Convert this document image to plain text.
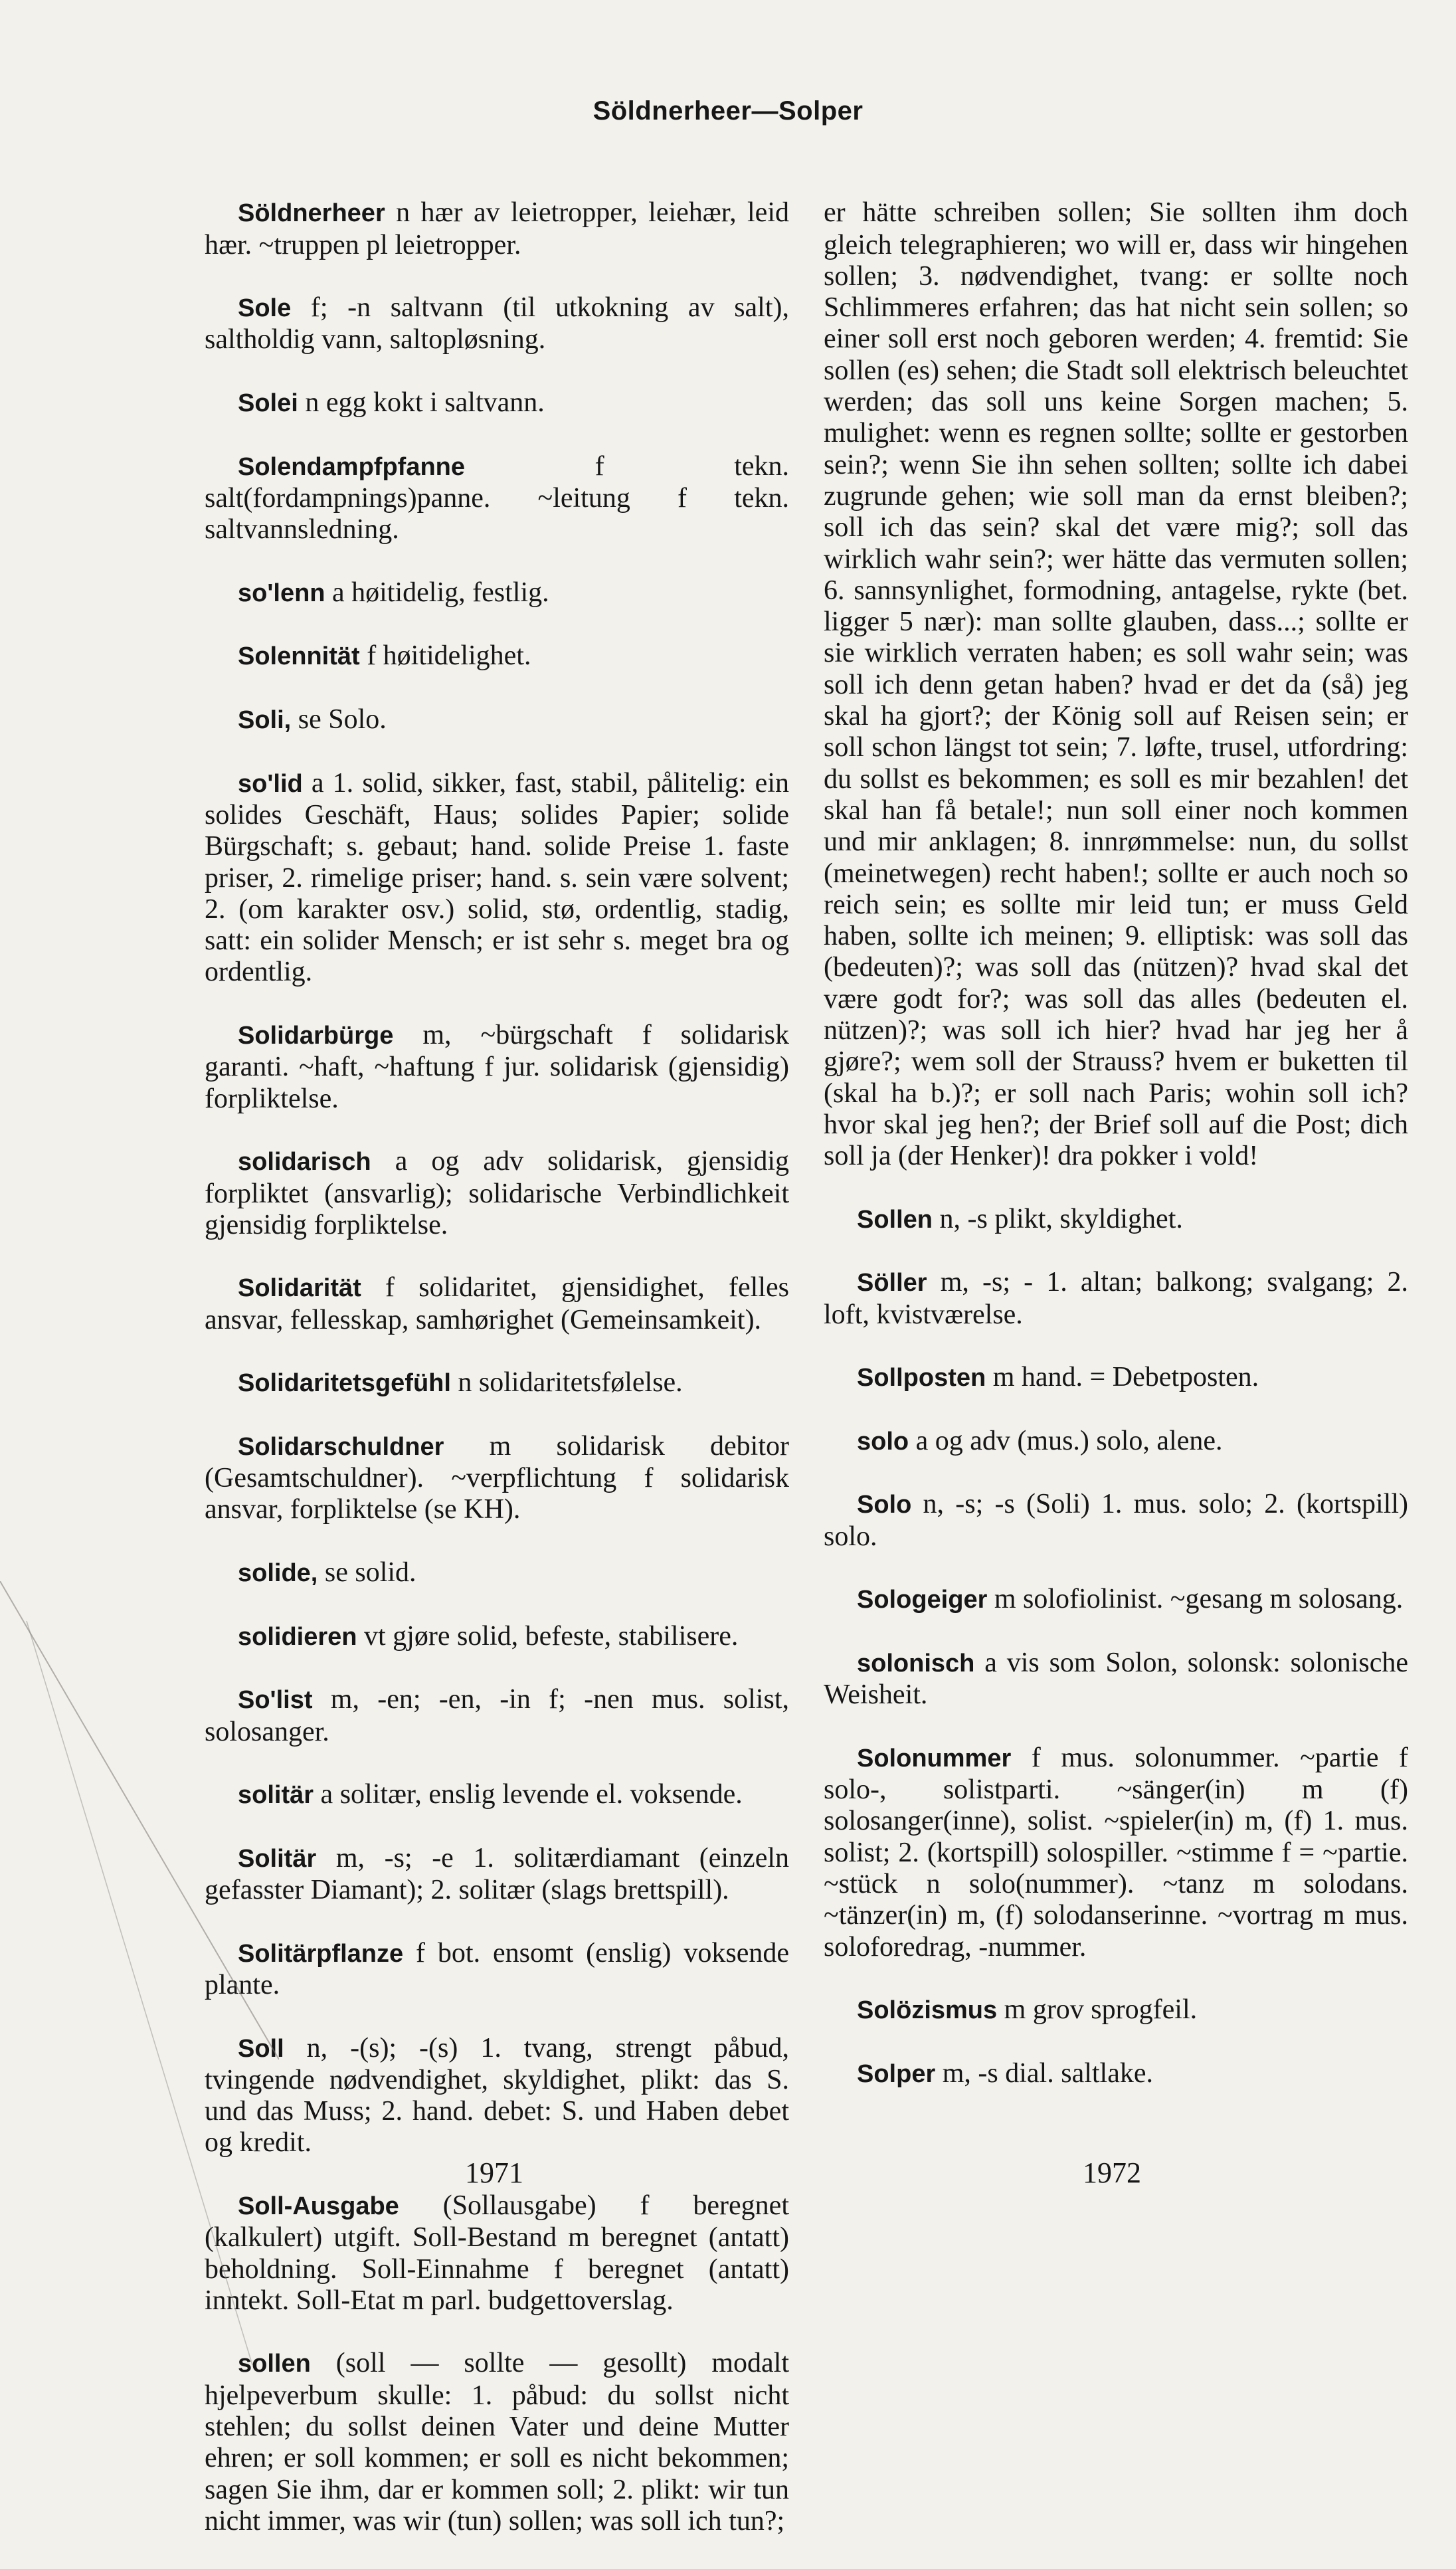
Söldnerheer—Solper

Söldnerheer n hær av leietropper, leiehær, leid hær. ~truppen pl leietropper.

Sole f; -n saltvann (til utkokning av salt), saltholdig vann, saltopløsning.

Solei n egg kokt i saltvann.

Solendampfpfanne f tekn. salt(fordampnings)panne. ~leitung f tekn. saltvannsledning.

so'lenn a høitidelig, festlig.

Solennität f høitidelighet.

Soli, se Solo.

so'lid a 1. solid, sikker, fast, stabil, pålitelig: ein solides Geschäft, Haus; solides Papier; solide Bürgschaft; s. gebaut; hand. solide Preise 1. faste priser, 2. rimelige priser; hand. s. sein være solvent; 2. (om karakter osv.) solid, stø, ordentlig, stadig, satt: ein solider Mensch; er ist sehr s. meget bra og ordentlig.

Solidarbürge m, ~bürgschaft f solidarisk garanti. ~haft, ~haftung f jur. solidarisk (gjensidig) forpliktelse.

solidarisch a og adv solidarisk, gjensidig forpliktet (ansvarlig); solidarische Verbindlichkeit gjensidig forpliktelse.

Solidarität f solidaritet, gjensidighet, felles ansvar, fellesskap, samhørighet (Gemeinsamkeit).

Solidaritetsgefühl n solidaritetsfølelse.

Solidarschuldner m solidarisk debitor (Gesamtschuldner). ~verpflichtung f solidarisk ansvar, forpliktelse (se KH).

solide, se solid.

solidieren vt gjøre solid, befeste, stabilisere.

So'list m, -en; -en, -in f; -nen mus. solist, solosanger.

solitär a solitær, enslig levende el. voksende.

Solitär m, -s; -e 1. solitærdiamant (einzeln gefasster Diamant); 2. solitær (slags brettspill).

Solitärpflanze f bot. ensomt (enslig) voksende plante.

Soll n, -(s); -(s) 1. tvang, strengt påbud, tvingende nødvendighet, skyldighet, plikt: das S. und das Muss; 2. hand. debet: S. und Haben debet og kredit.

Soll-Ausgabe (Sollausgabe) f beregnet (kalkulert) utgift. Soll-Bestand m beregnet (antatt) beholdning. Soll-Einnahme f beregnet (antatt) inntekt. Soll-Etat m parl. budgettoverslag.

sollen (soll — sollte — gesollt) modalt hjelpeverbum skulle: 1. påbud: du sollst nicht stehlen; du sollst deinen Vater und deine Mutter ehren; er soll kommen; er soll es nicht bekommen; sagen Sie ihm, dar er kommen soll; 2. plikt: wir tun nicht immer, was wir (tun) sollen; was soll ich tun?;

er hätte schreiben sollen; Sie sollten ihm doch gleich telegraphieren; wo will er, dass wir hingehen sollen; 3. nødvendighet, tvang: er sollte noch Schlimmeres erfahren; das hat nicht sein sollen; so einer soll erst noch geboren werden; 4. fremtid: Sie sollen (es) sehen; die Stadt soll elektrisch beleuchtet werden; das soll uns keine Sorgen machen; 5. mulighet: wenn es regnen sollte; sollte er gestorben sein?; wenn Sie ihn sehen sollten; sollte ich dabei zugrunde gehen; wie soll man da ernst bleiben?; soll ich das sein? skal det være mig?; soll das wirklich wahr sein?; wer hätte das vermuten sollen; 6. sannsynlighet, formodning, antagelse, rykte (bet. ligger 5 nær): man sollte glauben, dass...; sollte er sie wirklich verraten haben; es soll wahr sein; was soll ich denn getan haben? hvad er det da (så) jeg skal ha gjort?; der König soll auf Reisen sein; er soll schon längst tot sein; 7. løfte, trusel, utfordring: du sollst es bekommen; es soll es mir bezahlen! det skal han få betale!; nun soll einer noch kommen und mir anklagen; 8. innrømmelse: nun, du sollst (meinetwegen) recht haben!; sollte er auch noch so reich sein; es sollte mir leid tun; er muss Geld haben, sollte ich meinen; 9. elliptisk: was soll das (bedeuten)?; was soll das (nützen)? hvad skal det være godt for?; was soll das alles (bedeuten el. nützen)?; was soll ich hier? hvad har jeg her å gjøre?; wem soll der Strauss? hvem er buketten til (skal ha b.)?; er soll nach Paris; wohin soll ich? hvor skal jeg hen?; der Brief soll auf die Post; dich soll ja (der Henker)! dra pokker i vold!

Sollen n, -s plikt, skyldighet.

Söller m, -s; - 1. altan; balkong; svalgang; 2. loft, kvistværelse.

Sollposten m hand. = Debetposten.

solo a og adv (mus.) solo, alene.

Solo n, -s; -s (Soli) 1. mus. solo; 2. (kortspill) solo.

Sologeiger m solofiolinist. ~gesang m solosang.

solonisch a vis som Solon, solonsk: solonische Weisheit.

Solonummer f mus. solonummer. ~partie f solo-, solistparti. ~sänger(in) m (f) solosanger(inne), solist. ~spieler(in) m, (f) 1. mus. solist; 2. (kortspill) solospiller. ~stimme f = ~partie. ~stück n solo(nummer). ~tanz m solodans. ~tänzer(in) m, (f) solodanserinne. ~vortrag m mus. soloforedrag, -nummer.

Solözismus m grov sprogfeil.

Solper m, -s dial. saltlake.

1971	1972
